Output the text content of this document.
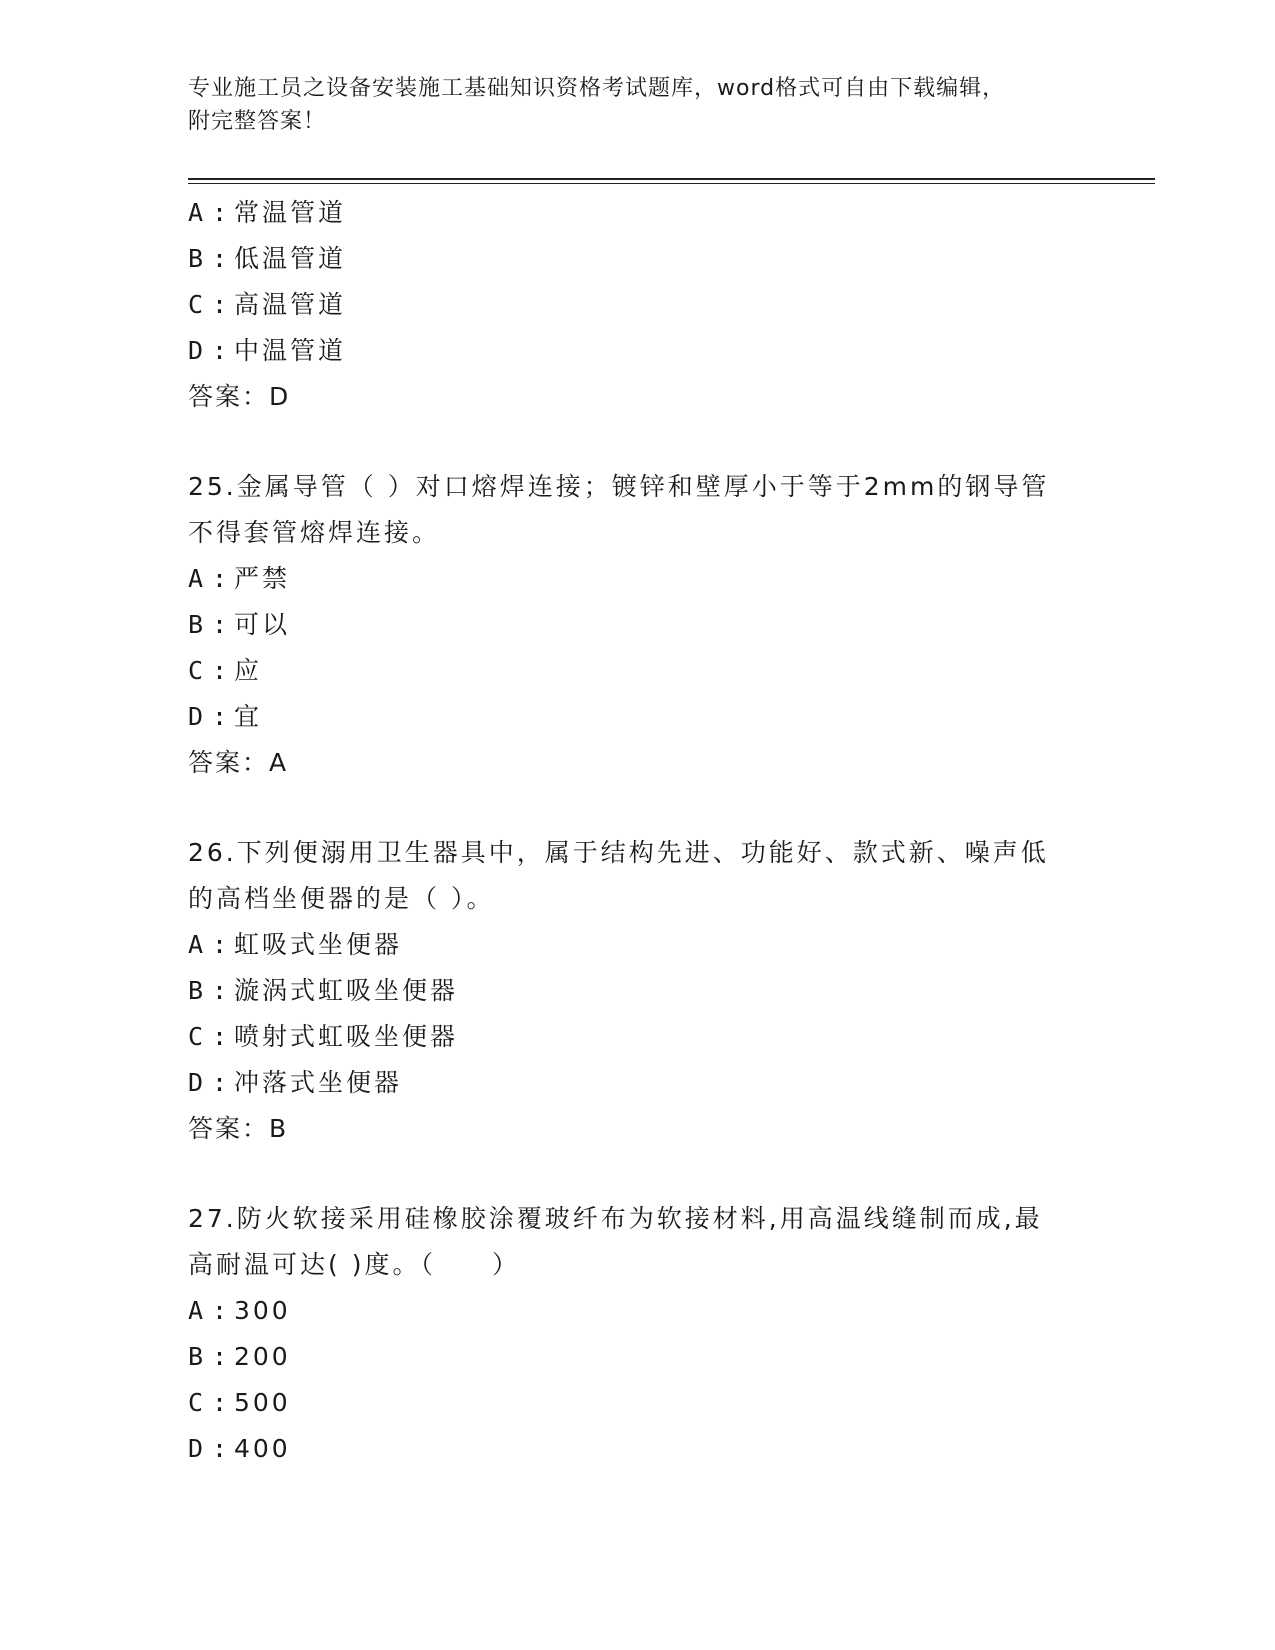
专业施工员之设备安装施工基础知识资格考试题库，word格式可自由下载编辑，
附完整答案！
A : 常温管道
B : 低温管道
C : 高温管道
D : 中温管道
答案：D
25.金属导管（ ）对口熔焊连接；镀锌和壁厚小于等于2mm的钢导管
不得套管熔焊连接。
A : 严禁
B : 可以
C : 应
D : 宜
答案：A
26.下列便溺用卫生器具中，属于结构先进、功能好、款式新、噪声低
的高档坐便器的是（ ）。
A : 虹吸式坐便器
B : 漩涡式虹吸坐便器
C : 喷射式虹吸坐便器
D : 冲落式坐便器
答案：B
27.防火软接采用硅橡胶涂覆玻纤布为软接材料,用高温线缝制而成,最
高耐温可达( )度。（　　）
A : 300
B : 200
C : 500
D : 400
